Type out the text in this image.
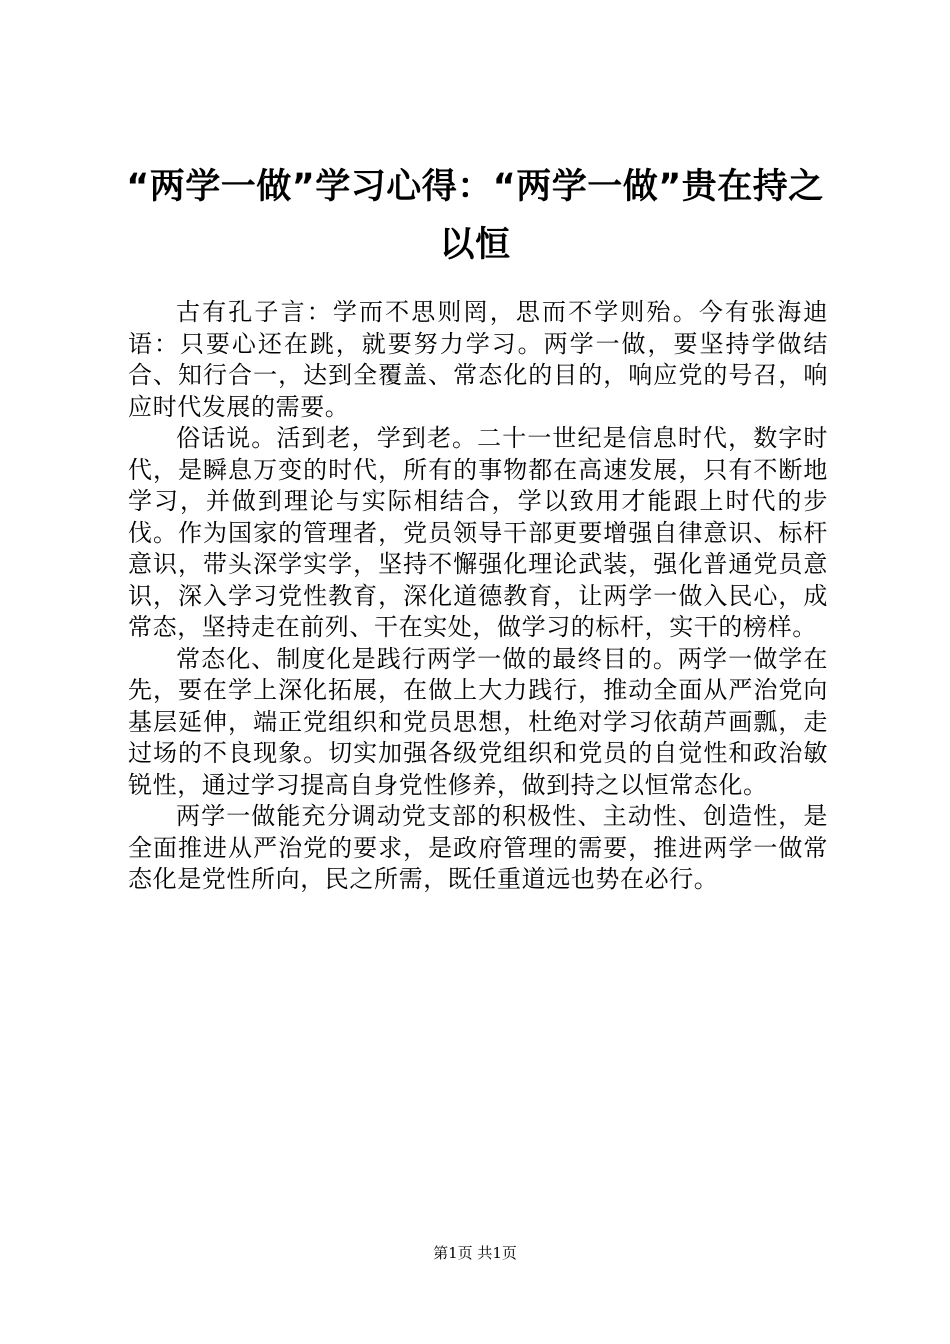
“两学一做”学习心得：“两学一做”贵在持之以恒

古有孔子言：学而不思则罔，思而不学则殆。今有张海迪语：只要心还在跳，就要努力学习。两学一做，要坚持学做结合、知行合一，达到全覆盖、常态化的目的，响应党的号召，响应时代发展的需要。

俗话说。活到老，学到老。二十一世纪是信息时代，数字时代，是瞬息万变的时代，所有的事物都在高速发展，只有不断地学习，并做到理论与实际相结合，学以致用才能跟上时代的步伐。作为国家的管理者，党员领导干部更要增强自律意识、标杆意识，带头深学实学，坚持不懈强化理论武装，强化普通党员意识，深入学习党性教育，深化道德教育，让两学一做入民心，成常态，坚持走在前列、干在实处，做学习的标杆，实干的榜样。

常态化、制度化是践行两学一做的最终目的。两学一做学在先，要在学上深化拓展，在做上大力践行，推动全面从严治党向基层延伸，端正党组织和党员思想，杜绝对学习依葫芦画瓢，走过场的不良现象。切实加强各级党组织和党员的自觉性和政治敏锐性，通过学习提高自身党性修养，做到持之以恒常态化。

两学一做能充分调动党支部的积极性、主动性、创造性，是全面推进从严治党的要求，是政府管理的需要，推进两学一做常态化是党性所向，民之所需，既任重道远也势在必行。

第1页 共1页
